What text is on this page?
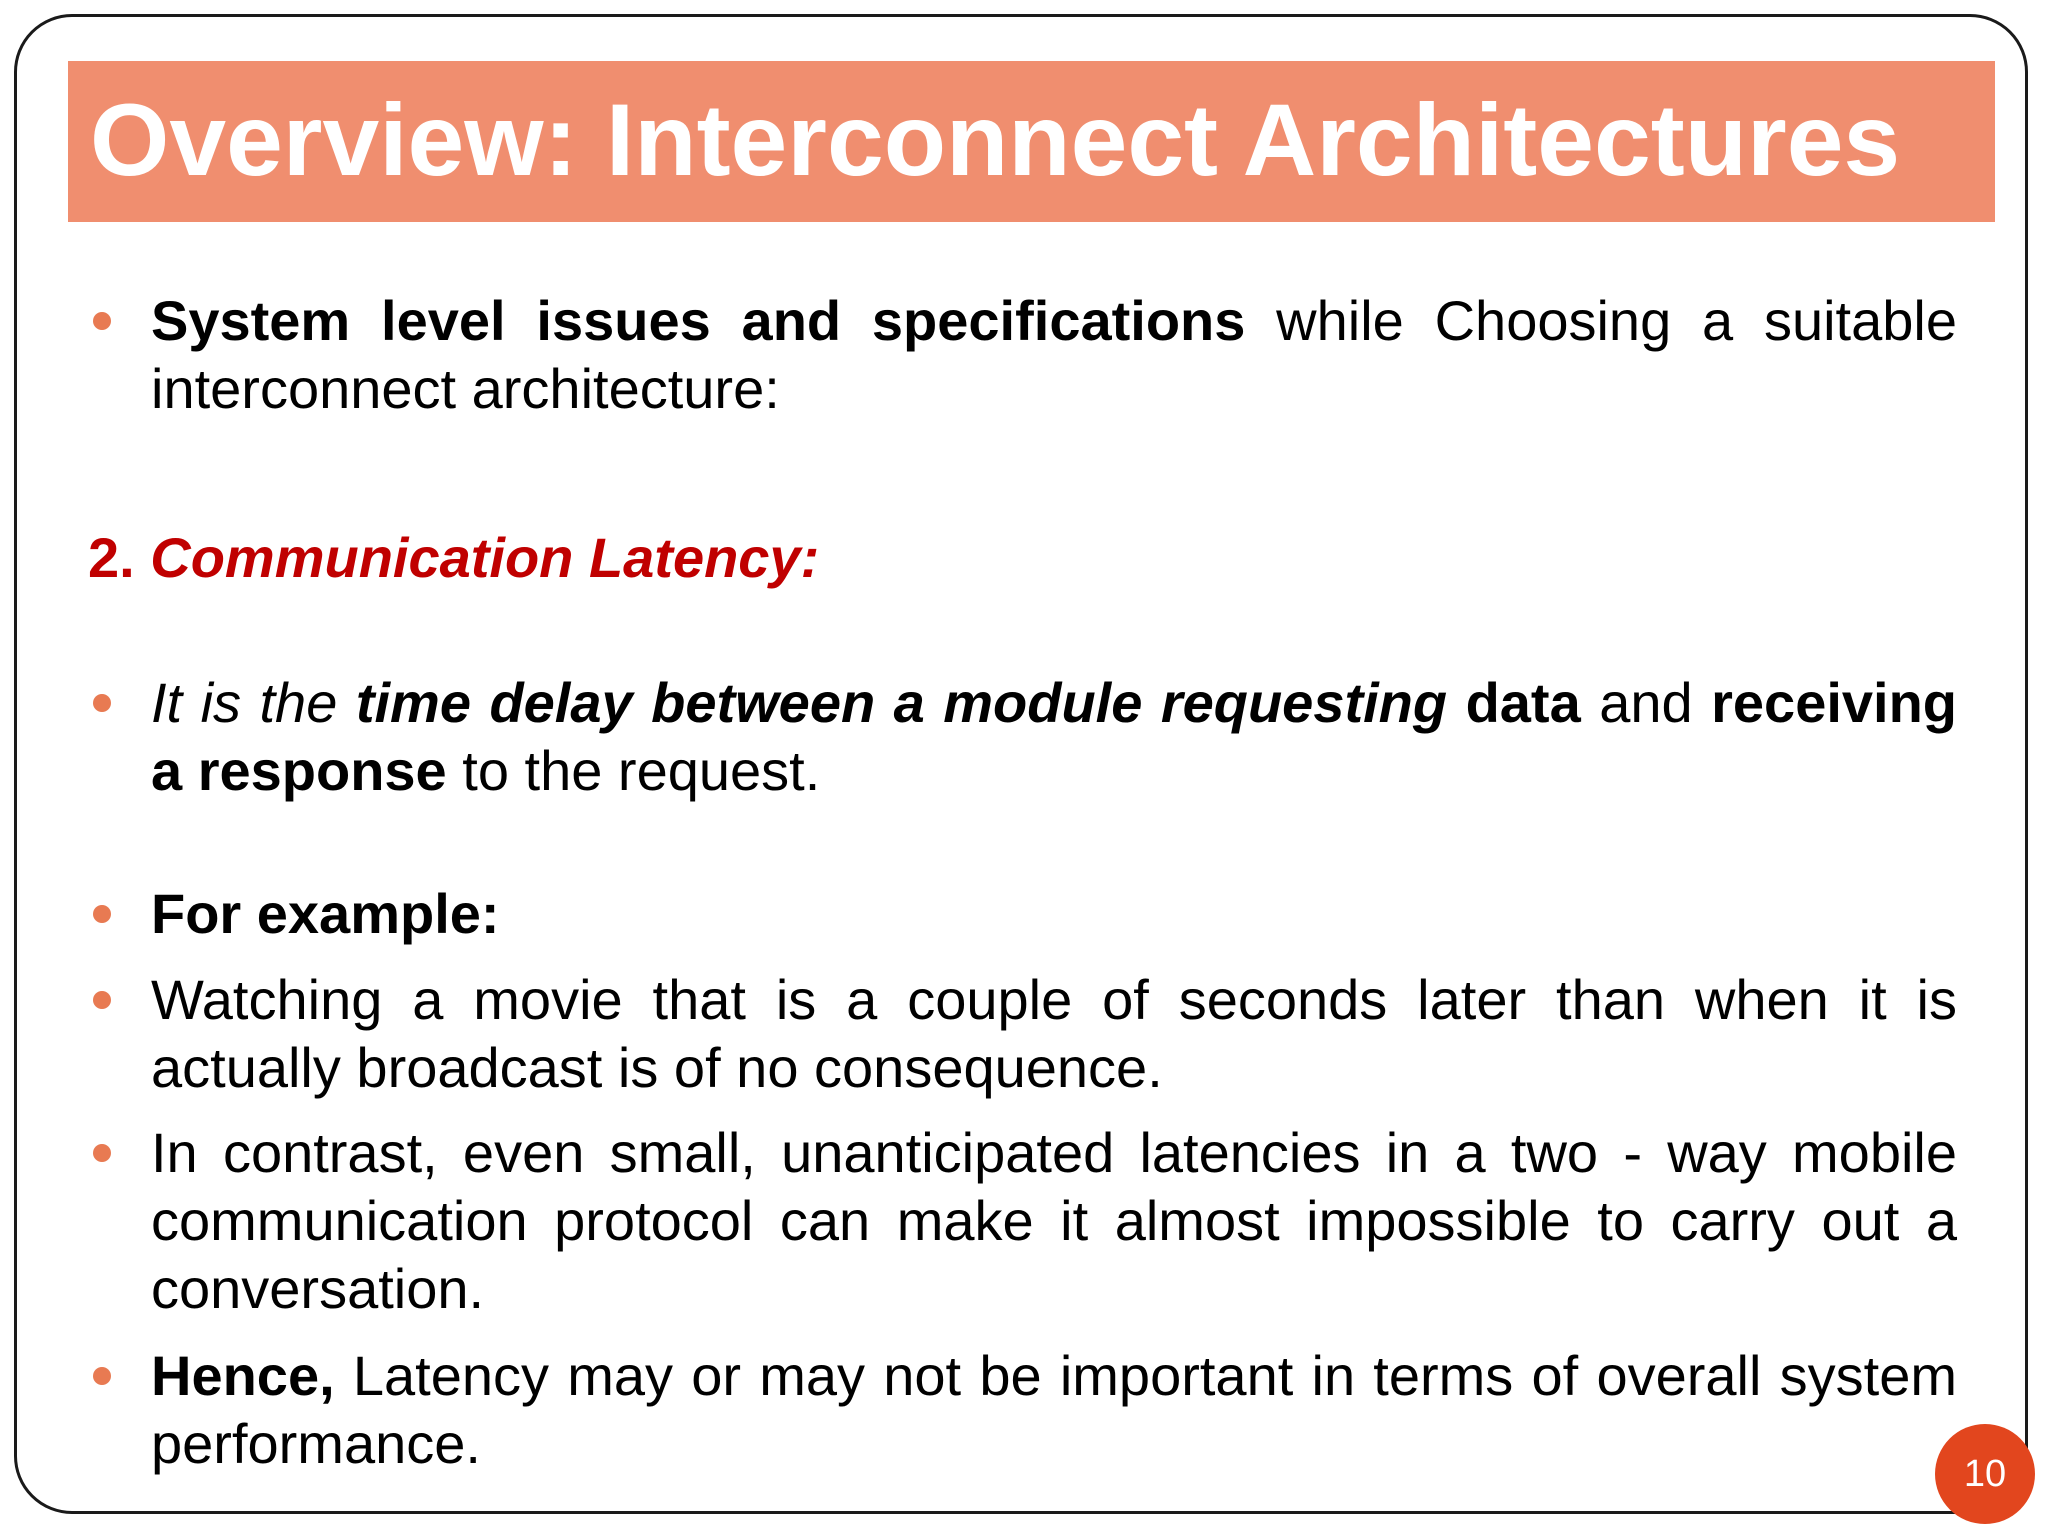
Overview: Interconnect Architectures
System level issues and specifications while Choosing a suitable interconnect architecture:
2. Communication Latency:
It is the time delay between a module requesting data and receiving a response to the request.
For example:
Watching a movie that is a couple of seconds later than when it is actually broadcast is of no consequence.
In contrast, even small, unanticipated latencies in a two - way mobile communication protocol can make it almost impossible to carry out a conversation.
Hence, Latency may or may not be important in terms of overall system performance.	10
